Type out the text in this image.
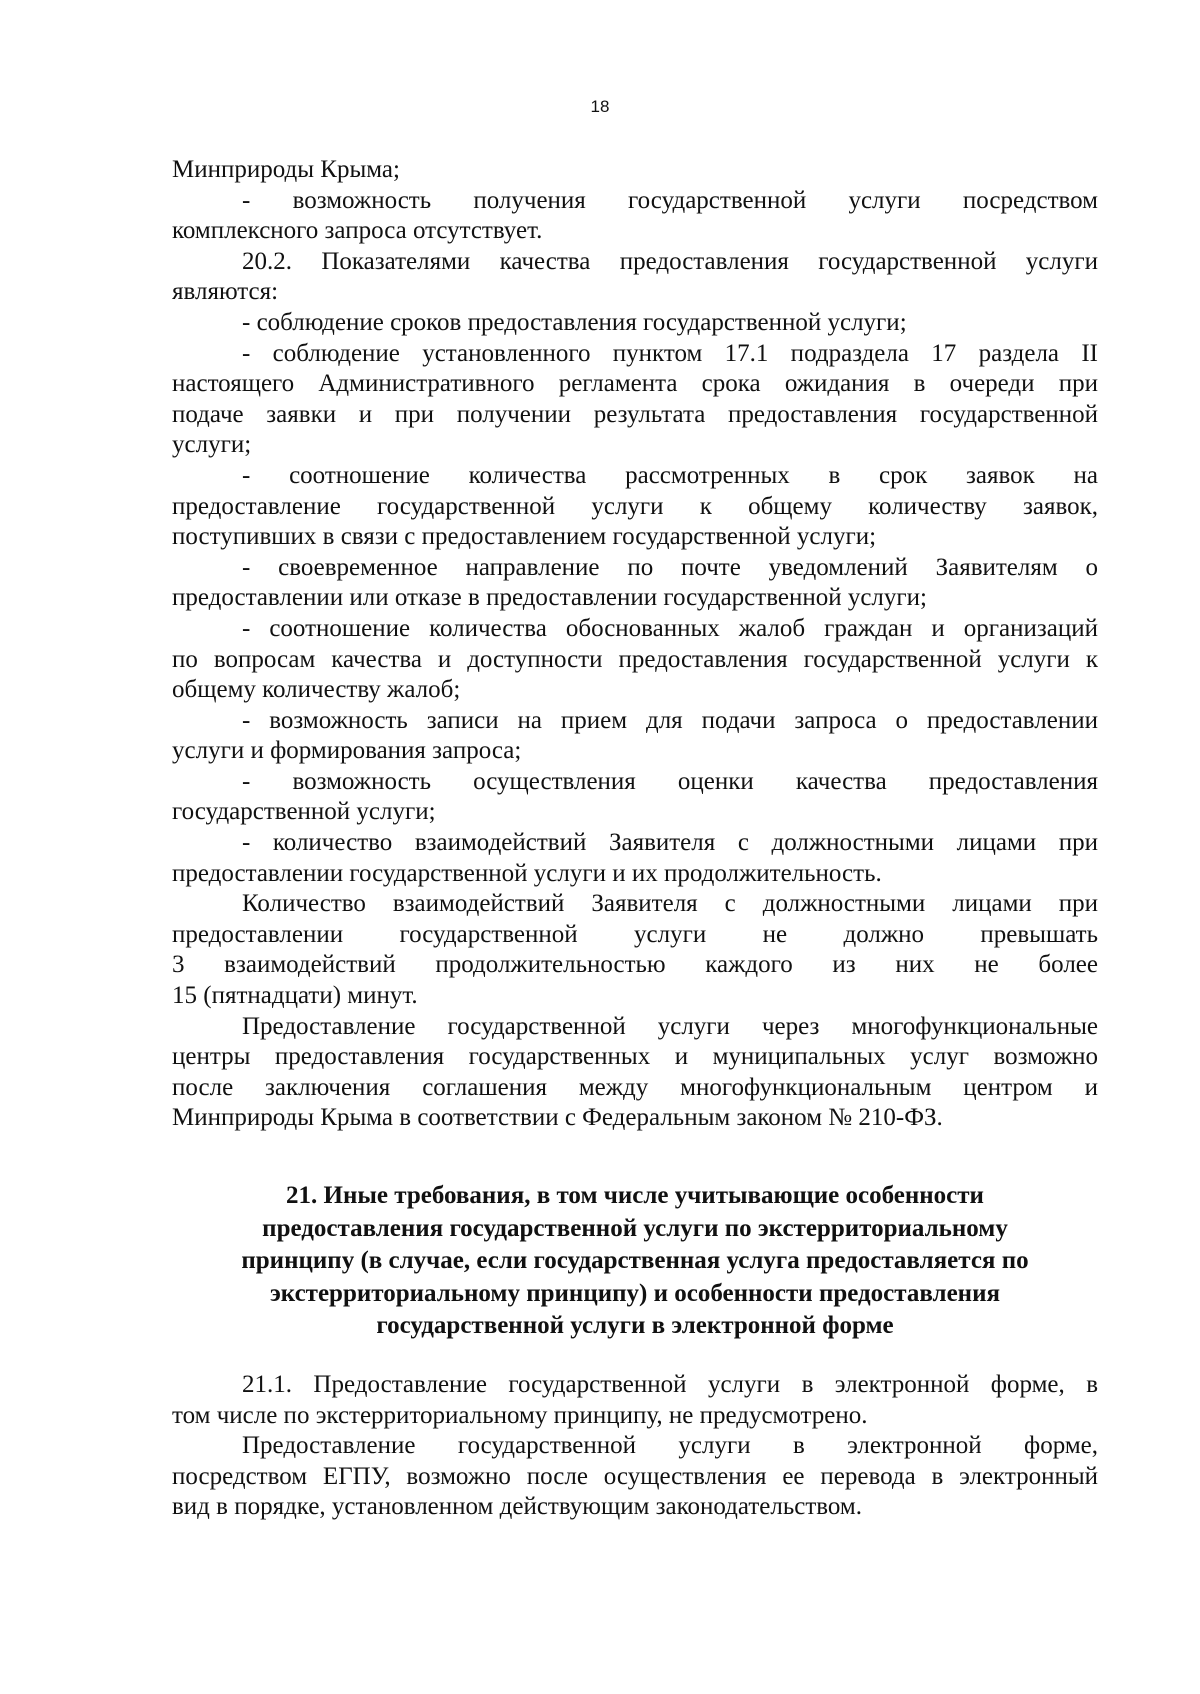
18
Минприроды Крыма;
- возможность получения государственной услуги посредством
комплексного запроса отсутствует.
20.2. Показателями качества предоставления государственной услуги
являются:
- соблюдение сроков предоставления государственной услуги;
- соблюдение установленного пунктом 17.1 подраздела 17 раздела II
настоящего Административного регламента срока ожидания в очереди при
подаче заявки и при получении результата предоставления государственной
услуги;
- соотношение количества рассмотренных в срок заявок на
предоставление государственной услуги к общему количеству заявок,
поступивших в связи с предоставлением государственной услуги;
- своевременное направление по почте уведомлений Заявителям о
предоставлении или отказе в предоставлении государственной услуги;
- соотношение количества обоснованных жалоб граждан и организаций
по вопросам качества и доступности предоставления государственной услуги к
общему количеству жалоб;
- возможность записи на прием для подачи запроса о предоставлении
услуги и формирования запроса;
- возможность осуществления оценки качества предоставления
государственной услуги;
- количество взаимодействий Заявителя с должностными лицами при
предоставлении государственной услуги и их продолжительность.
Количество взаимодействий Заявителя с должностными лицами при
предоставлении государственной услуги не должно превышать
3 взаимодействий продолжительностью каждого из них не более
15 (пятнадцати) минут.
Предоставление государственной услуги через многофункциональные
центры предоставления государственных и муниципальных услуг возможно
после заключения соглашения между многофункциональным центром и
Минприроды Крыма в соответствии с Федеральным законом № 210-ФЗ.
21. Иные требования, в том числе учитывающие особенности
предоставления государственной услуги по экстерриториальному
принципу (в случае, если государственная услуга предоставляется по
экстерриториальному принципу) и особенности предоставления
государственной услуги в электронной форме
21.1. Предоставление государственной услуги в электронной форме, в
том числе по экстерриториальному принципу, не предусмотрено.
Предоставление государственной услуги в электронной форме,
посредством ЕГПУ, возможно после осуществления ее перевода в электронный
вид в порядке, установленном действующим законодательством.
